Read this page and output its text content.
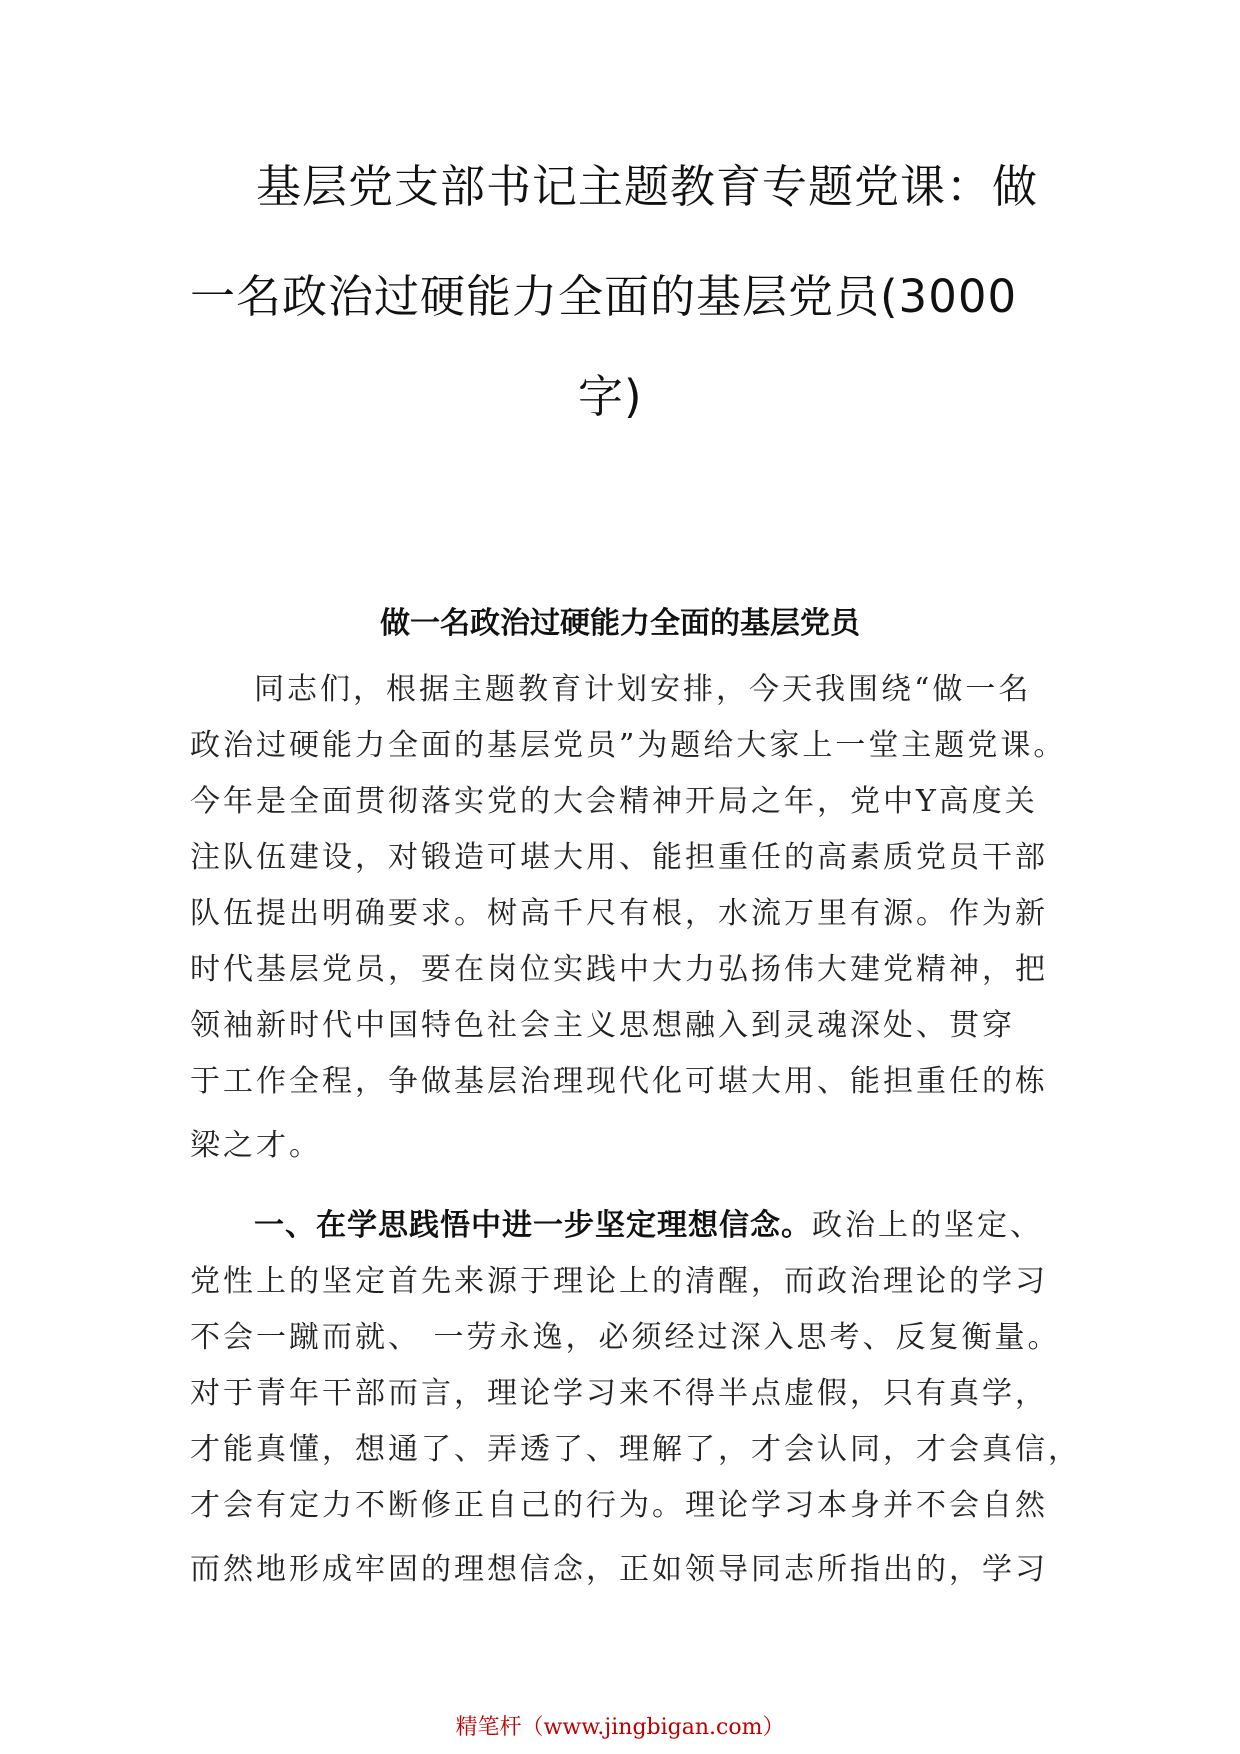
基层党支部书记主题教育专题党课：做
一名政治过硬能力全面的基层党员(3000
字)
做一名政治过硬能力全面的基层党员
同志们，根据主题教育计划安排，今天我围绕“做一名
政治过硬能力全面的基层党员”为题给大家上一堂主题党课。
今年是全面贯彻落实党的大会精神开局之年，党中Y高度关
注队伍建设，对锻造可堪大用、能担重任的高素质党员干部
队伍提出明确要求。树高千尺有根，水流万里有源。作为新
时代基层党员，要在岗位实践中大力弘扬伟大建党精神，把
领袖新时代中国特色社会主义思想融入到灵魂深处、贯穿
于工作全程，争做基层治理现代化可堪大用、能担重任的栋
梁之才。
一、在学思践悟中进一步坚定理想信念。政治上的坚定、
党性上的坚定首先来源于理论上的清醒，而政治理论的学习
不会一蹴而就、 一劳永逸，必须经过深入思考、反复衡量。
对于青年干部而言，理论学习来不得半点虚假，只有真学，
才能真懂，想通了、弄透了、理解了，才会认同，才会真信，
才会有定力不断修正自己的行为。理论学习本身并不会自然
而然地形成牢固的理想信念，正如领导同志所指出的，学习
精笔杆（www.jingbigan.com）
